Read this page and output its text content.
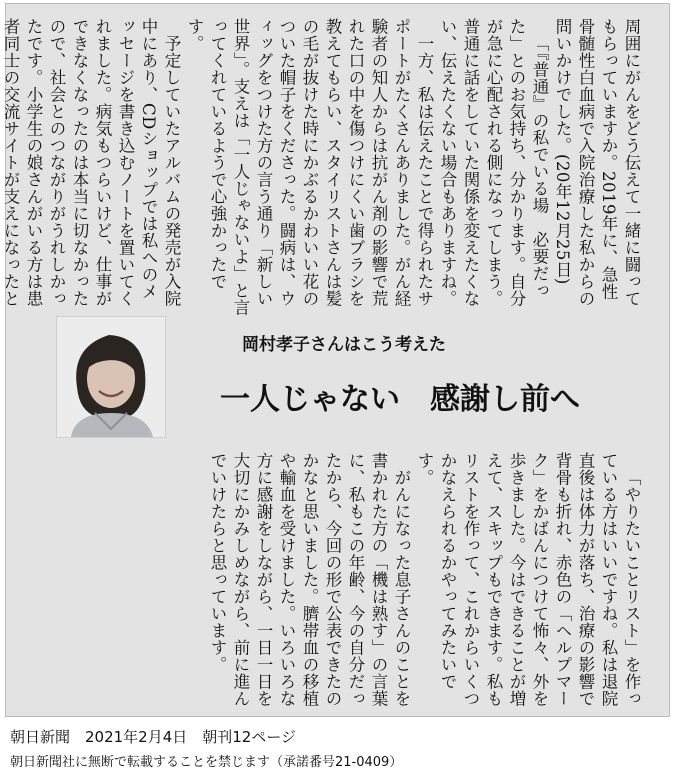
周囲にがんをどう伝えて一緒に闘ってもらっていますか。2019年に、急性骨髄性白血病で入院治療した私からの問いかけでした。(20年12月25日)

「『普通』の私でいる場　必要だった」とのお気持ち、分かります。自分が急に心配される側になってしまう。普通に話をしていた関係を変えたくない、伝えたくない場合もありますね。

一方、私は伝えたことで得られたサポートがたくさんありました。がん経験者の知人からは抗がん剤の影響で荒れた口の中を傷つけにくい歯ブラシを教えてもらい、スタイリストさんは髪の毛が抜けた時にかぶるかわいい花のついた帽子をくださった。闘病は、ウィッグをつけた方の言う通り「新しい世界」。支えは「一人じゃないよ」と言ってくれているようで心強かったです。

予定していたアルバムの発売が入院中にあり、CDショップでは私へのメッセージを書き込むノートを置いてくれました。病気もつらいけど、仕事ができなくなったのは本当に切なかったので、社会とのつながりがうれしかったです。小学生の娘さんがいる方は患者同士の交流サイトが支えになったと

岡村孝子さんはこう考えた
一人じゃない　感謝し前へ

「やりたいことリスト」を作っている方はいいですね。私は退院直後は体力が落ち、治療の影響で背骨も折れ、赤色の「ヘルプマーク」をかばんにつけて怖々、外を歩きました。今はできることが増えて、スキップもできます。私もリストを作って、これからいくつかなえられるかやってみたいです。

がんになった息子さんのことを書かれた方の「機は熟す」の言葉に、私もこの年齢、今の自分だったから、今回の形で公表できたのかなと思いました。臍帯血の移植や輸血を受けました。いろいろな方に感謝をしながら、一日一日を大切にかみしめながら、前に進んでいけたらと思っています。

朝日新聞　2021年2月4日　朝刊12ページ
朝日新聞社に無断で転載することを禁じます（承諾番号21-0409）
